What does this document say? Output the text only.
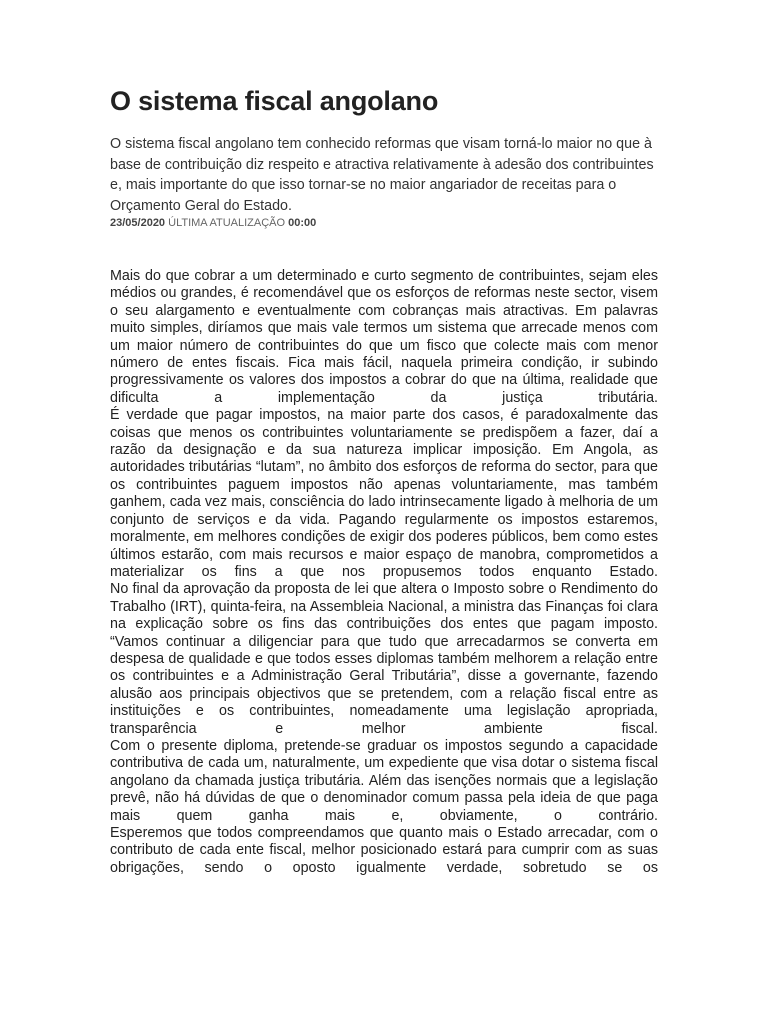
O sistema fiscal angolano

O sistema fiscal angolano tem conhecido reformas que visam torná-lo maior no que à base de contribuição diz respeito e atractiva relativamente à adesão dos contribuintes e, mais importante do que isso tornar-se no maior angariador de receitas para o Orçamento Geral do Estado.

23/05/2020 ÚLTIMA ATUALIZAÇÃO 00:00
Mais do que cobrar a um determinado e curto segmento de contribuintes, sejam eles médios ou grandes, é recomendável que os esforços de reformas neste sector, visem o seu alargamento e eventualmente com cobranças mais atractivas. Em palavras muito simples, diríamos que mais vale termos um sistema que arrecade menos com um maior número de contribuintes do que um fisco que colecte mais com menor número de entes fiscais. Fica mais fácil, naquela primeira condição, ir subindo progressivamente os valores dos impostos a cobrar do que na última, realidade que dificulta a implementação da justiça tributária.
É verdade que pagar impostos, na maior parte dos casos, é paradoxalmente das coisas que menos os contribuintes voluntariamente se predispõem a fazer, daí a razão da designação e da sua natureza implicar imposição. Em Angola, as autoridades tributárias “lutam”, no âmbito dos esforços de reforma do sector, para que os contribuintes paguem impostos não apenas voluntariamente, mas também ganhem, cada vez mais, consciência do lado intrinsecamente ligado à melhoria de um conjunto de serviços e da vida. Pagando regularmente os impostos estaremos, moralmente, em melhores condições de exigir dos poderes públicos, bem como estes últimos estarão, com mais recursos e maior espaço de manobra, comprometidos a materializar os fins a que nos propusemos todos enquanto Estado.
No final da aprovação da proposta de lei que altera o Imposto sobre o Rendimento do Trabalho (IRT), quinta-feira, na Assembleia Nacional, a ministra das Finanças foi clara na explicação sobre os fins das contribuições dos entes que pagam imposto.
“Vamos continuar a diligenciar para que tudo que arrecadarmos se converta em despesa de qualidade e que todos esses diplomas também melhorem a relação entre os contribuintes e a Administração Geral Tributária”, disse a governante, fazendo alusão aos principais objectivos que se pretendem, com a relação fiscal entre as instituições e os contribuintes, nomeadamente uma legislação apropriada, transparência e melhor ambiente fiscal.
Com o presente diploma, pretende-se graduar os impostos segundo a capacidade contributiva de cada um, naturalmente, um expediente que visa dotar o sistema fiscal angolano da chamada justiça tributária. Além das isenções normais que a legislação prevê, não há dúvidas de que o denominador comum passa pela ideia de que paga mais quem ganha mais e, obviamente, o contrário.
Esperemos que todos compreendamos que quanto mais o Estado arrecadar, com o contributo de cada ente fiscal, melhor posicionado estará para cumprir com as suas obrigações, sendo o oposto igualmente verdade, sobretudo se os
